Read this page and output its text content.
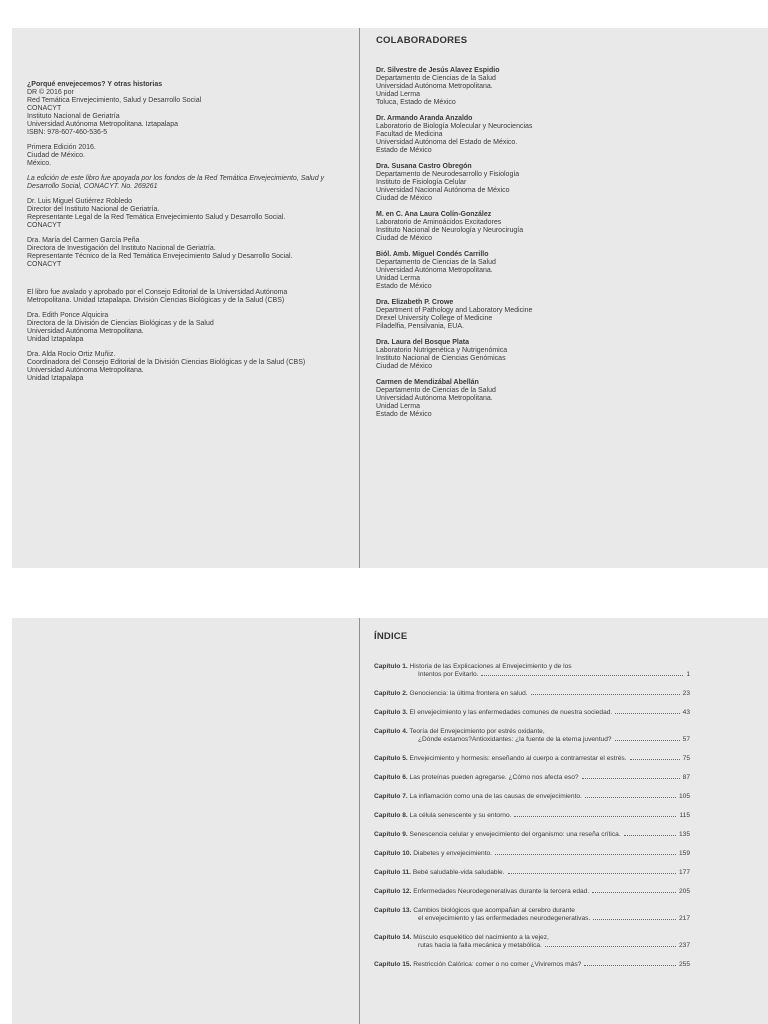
¿Porqué envejecemos? Y otras historias
DR © 2016 por
Red Temática Envejecimiento, Salud y Desarrollo Social
CONACYT
Instituto Nacional de Geriatría
Universidad Autónoma Metropolitana. Iztapalapa
ISBN: 978-607-460-536-5

Primera Edición 2016.
Ciudad de México.
México.

La edición de este libro fue apoyada por los fondos de la Red Temática Envejecimiento, Salud y Desarrollo Social, CONACYT. No. 269261

Dr. Luis Miguel Gutiérrez Robledo
Director del Instituto Nacional de Geriatría.
Representante Legal de la Red Temática Envejecimiento Salud y Desarrollo Social.
CONACYT

Dra. María del Carmen García Peña
Directora de Investigación del Instituto Nacional de Geriatría.
Representante Técnico de la Red Temática Envejecimiento Salud y Desarrollo Social.
CONACYT

El libro fue avalado y aprobado por el Consejo Editorial de la Universidad Autónoma
Metropolitana. Unidad Iztapalapa. División Ciencias Biológicas y de la Salud (CBS)

Dra. Edith Ponce Alquicira
Directora de la División de Ciencias Biológicas y de la Salud
Universidad Autónoma Metropolitana.
Unidad Iztapalapa

Dra. Alda Rocío Ortiz Muñiz.
Coordinadora del Consejo Editorial de la División Ciencias Biológicas y de la Salud (CBS)
Universidad Autónoma Metropolitana.
Unidad Iztapalapa

COLABORADORES
Dr. Silvestre de Jesús Alavez Espidio
Departamento de Ciencias de la Salud
Universidad Autónoma Metropolitana.
Unidad Lerma
Toluca, Estado de México
Dr. Armando Aranda Anzaldo
Laboratorio de Biología Molecular y Neurociencias
Facultad de Medicina
Universidad Autónoma del Estado de México.
Estado de México
Dra. Susana Castro Obregón
Departamento de Neurodesarrollo y Fisiología
Instituto de Fisiología Celular
Universidad Nacional Autónoma de México
Ciudad de México
M. en C. Ana Laura Colín-González
Laboratorio de Aminoácidos Excitadores
Instituto Nacional de Neurología y Neurocirugía
Ciudad de México
Biól. Amb. Miguel Condés Carrillo
Departamento de Ciencias de la Salud
Universidad Autónoma Metropolitana.
Unidad Lerma
Estado de México
Dra. Elizabeth P. Crowe
Department of Pathology and Laboratory Medicine
Drexel University College of Medicine
Filadelfia, Pensilvania, EUA.
Dra. Laura del Bosque Plata
Laboratorio Nutrigenética y Nutrigenómica
Instituto Nacional de Ciencias Genómicas
Ciudad de México
Carmen de Mendizábal Abellán
Departamento de Ciencias de la Salud
Universidad Autónoma Metropolitana.
Unidad Lerma
Estado de México
ÍNDICE
Capítulo 1. Historia de las Explicaciones al Envejecimiento y de los
Intentos por Evitarlo.	1
Capítulo 2. Genociencia: la última frontera en salud.	23
Capítulo 3. El envejecimiento y las enfermedades comunes de nuestra sociedad.	43
Capítulo 4. Teoría del Envejecimiento por estrés oxidante,
¿Dónde estamos?Antioxidantes: ¿la fuente de la eterna juventud?	57
Capítulo 5. Envejecimiento y hormesis: enseñando al cuerpo a contrarrestar el estrés.	75
Capítulo 6. Las proteínas pueden agregarse. ¿Cómo nos afecta eso?	87
Capítulo 7. La inflamación como una de las causas de envejecimiento.	105
Capítulo 8. La célula senescente y su entorno.	115
Capítulo 9. Senescencia celular y envejecimiento del organismo: una reseña crítica.	135
Capítulo 10. Diabetes y envejecimiento.	159
Capítulo 11. Bebé saludable-vida saludable.	177
Capítulo 12. Enfermedades Neurodegenerativas durante la tercera edad.	205
Capítulo 13. Cambios biológicos que acompañan al cerebro durante
el envejecimiento y las enfermedades neurodegenerativas.	217
Capítulo 14. Músculo esquelético del nacimiento a la vejez,
rutas hacia la falla mecánica y metabólica.	237
Capítulo 15. Restricción Calórica: comer o no comer ¿Viviremos más?	255
